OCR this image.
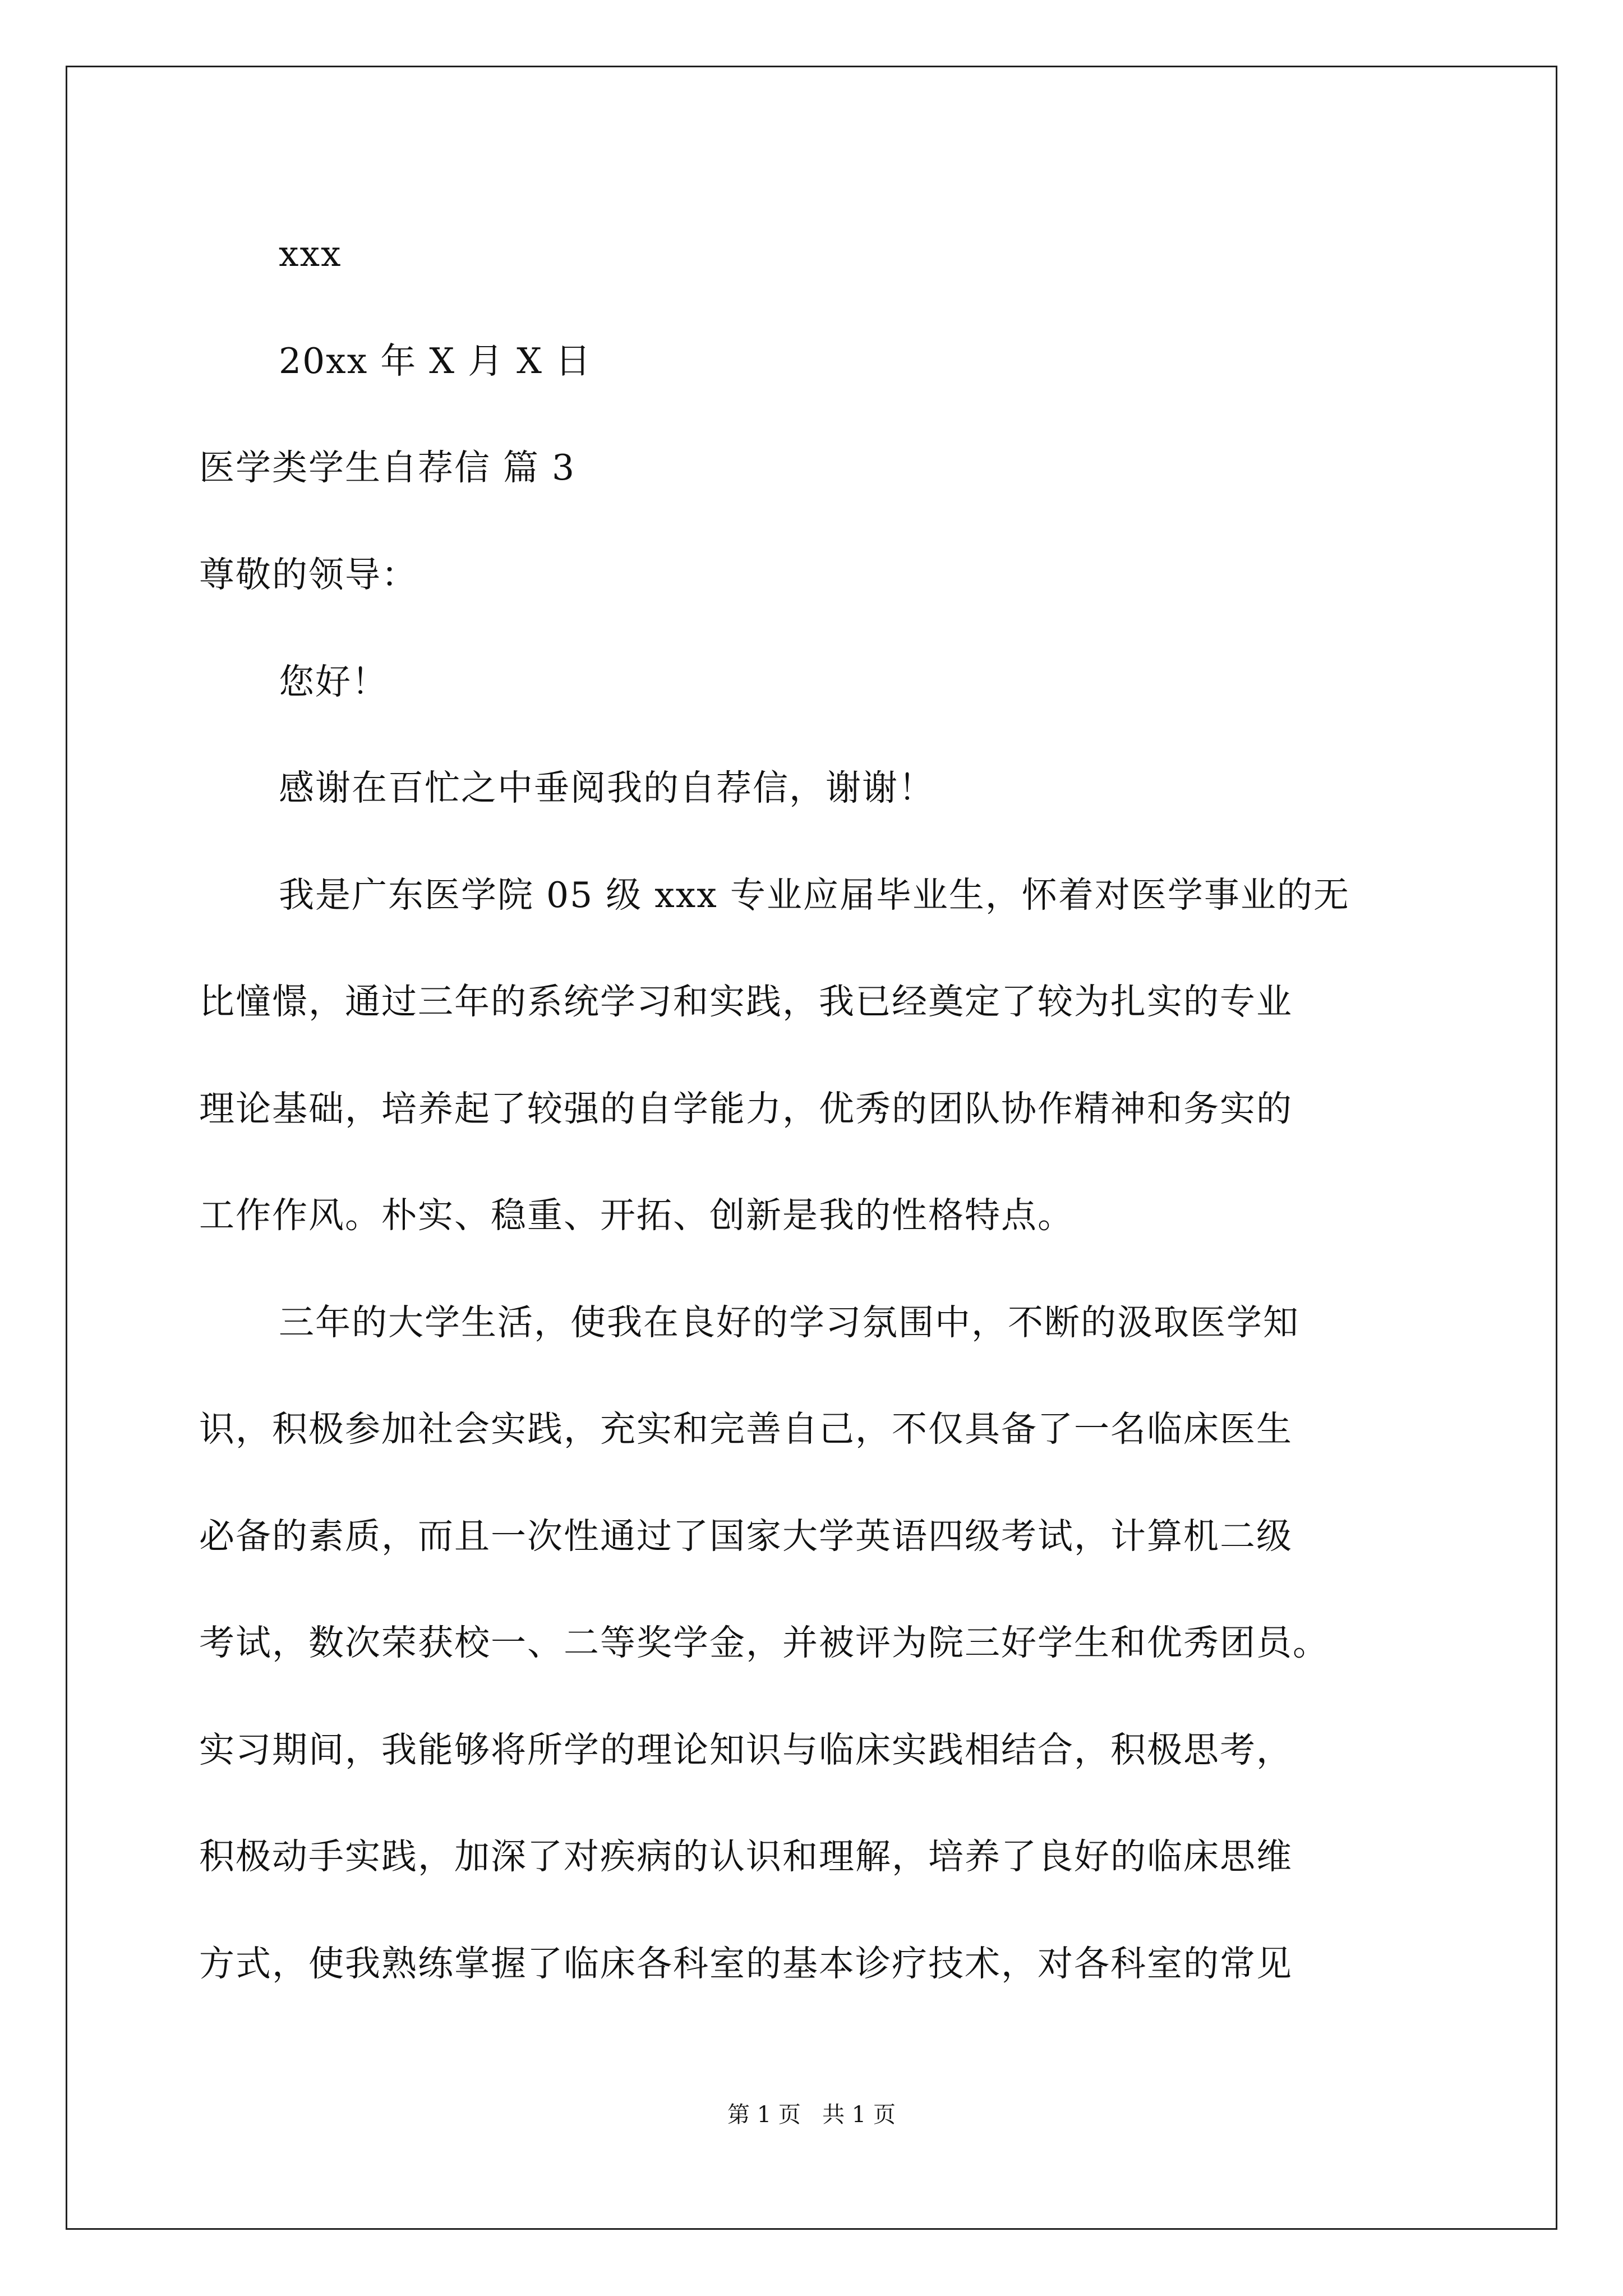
xxx
20xx 年 X 月 X 日
医学类学生自荐信 篇 3
尊敬的领导：
您好！
感谢在百忙之中垂阅我的自荐信，谢谢！
我是广东医学院 05 级 xxx 专业应届毕业生，怀着对医学事业的无
比憧憬，通过三年的系统学习和实践，我已经奠定了较为扎实的专业
理论基础，培养起了较强的自学能力，优秀的团队协作精神和务实的
工作作风。朴实、稳重、开拓、创新是我的性格特点。
三年的大学生活，使我在良好的学习氛围中，不断的汲取医学知
识，积极参加社会实践，充实和完善自己，不仅具备了一名临床医生
必备的素质，而且一次性通过了国家大学英语四级考试，计算机二级
考试，数次荣获校一、二等奖学金，并被评为院三好学生和优秀团员。
实习期间，我能够将所学的理论知识与临床实践相结合，积极思考，
积极动手实践，加深了对疾病的认识和理解，培养了良好的临床思维
方式，使我熟练掌握了临床各科室的基本诊疗技术，对各科室的常见
第 1 页   共 1 页
